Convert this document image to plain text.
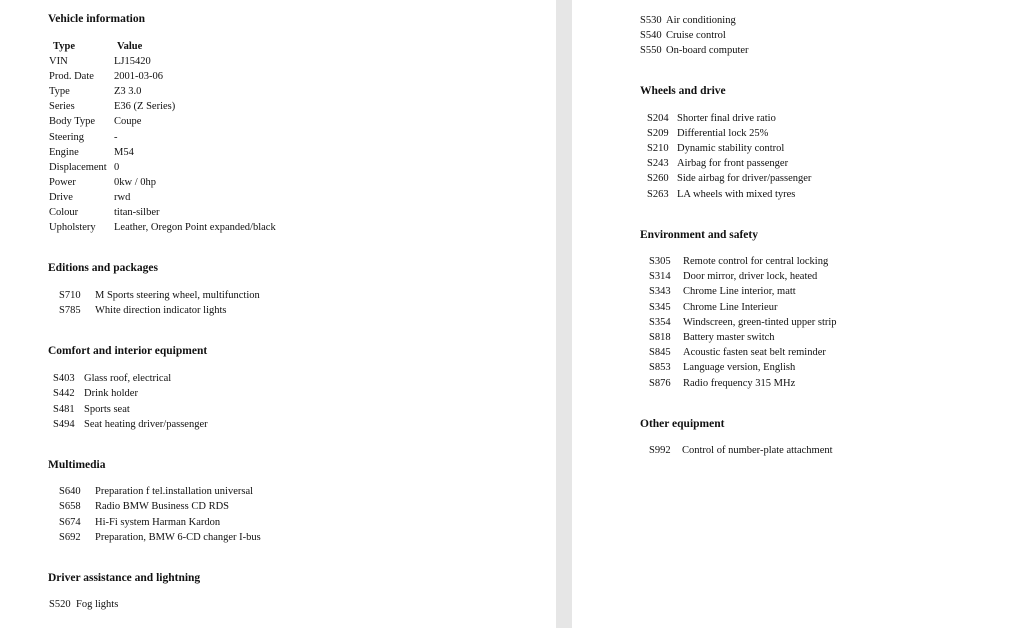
Vehicle information
Type	Value
VIN	LJ15420
Prod. Date 2001-03-06
Type	Z3 3.0
Series	E36 (Z Series)
Body Type Coupe
Steering	-
Engine	M54
Displacement 0
Power	0kw / 0hp
Drive	rwd
Colour	titan-silber
Upholstery Leather, Oregon Point expanded/black
Editions and packages
S710 M Sports steering wheel, multifunction
S785 White direction indicator lights
Comfort and interior equipment
S403 Glass roof, electrical
S442 Drink holder
S481 Sports seat
S494 Seat heating driver/passenger
Multimedia
S640 Preparation f tel.installation universal
S658 Radio BMW Business CD RDS
S674 Hi-Fi system Harman Kardon
S692 Preparation, BMW 6-CD changer I-bus
Driver assistance and lightning
S520 Fog lights
S530 Air conditioning
S540 Cruise control
S550 On-board computer
Wheels and drive
S204 Shorter final drive ratio
S209 Differential lock 25%
S210 Dynamic stability control
S243 Airbag for front passenger
S260 Side airbag for driver/passenger
S263 LA wheels with mixed tyres
Environment and safety
S305 Remote control for central locking
S314 Door mirror, driver lock, heated
S343 Chrome Line interior, matt
S345 Chrome Line Interieur
S354 Windscreen, green-tinted upper strip
S818 Battery master switch
S845 Acoustic fasten seat belt reminder
S853 Language version, English
S876 Radio frequency 315 MHz
Other equipment
S992 Control of number-plate attachment
